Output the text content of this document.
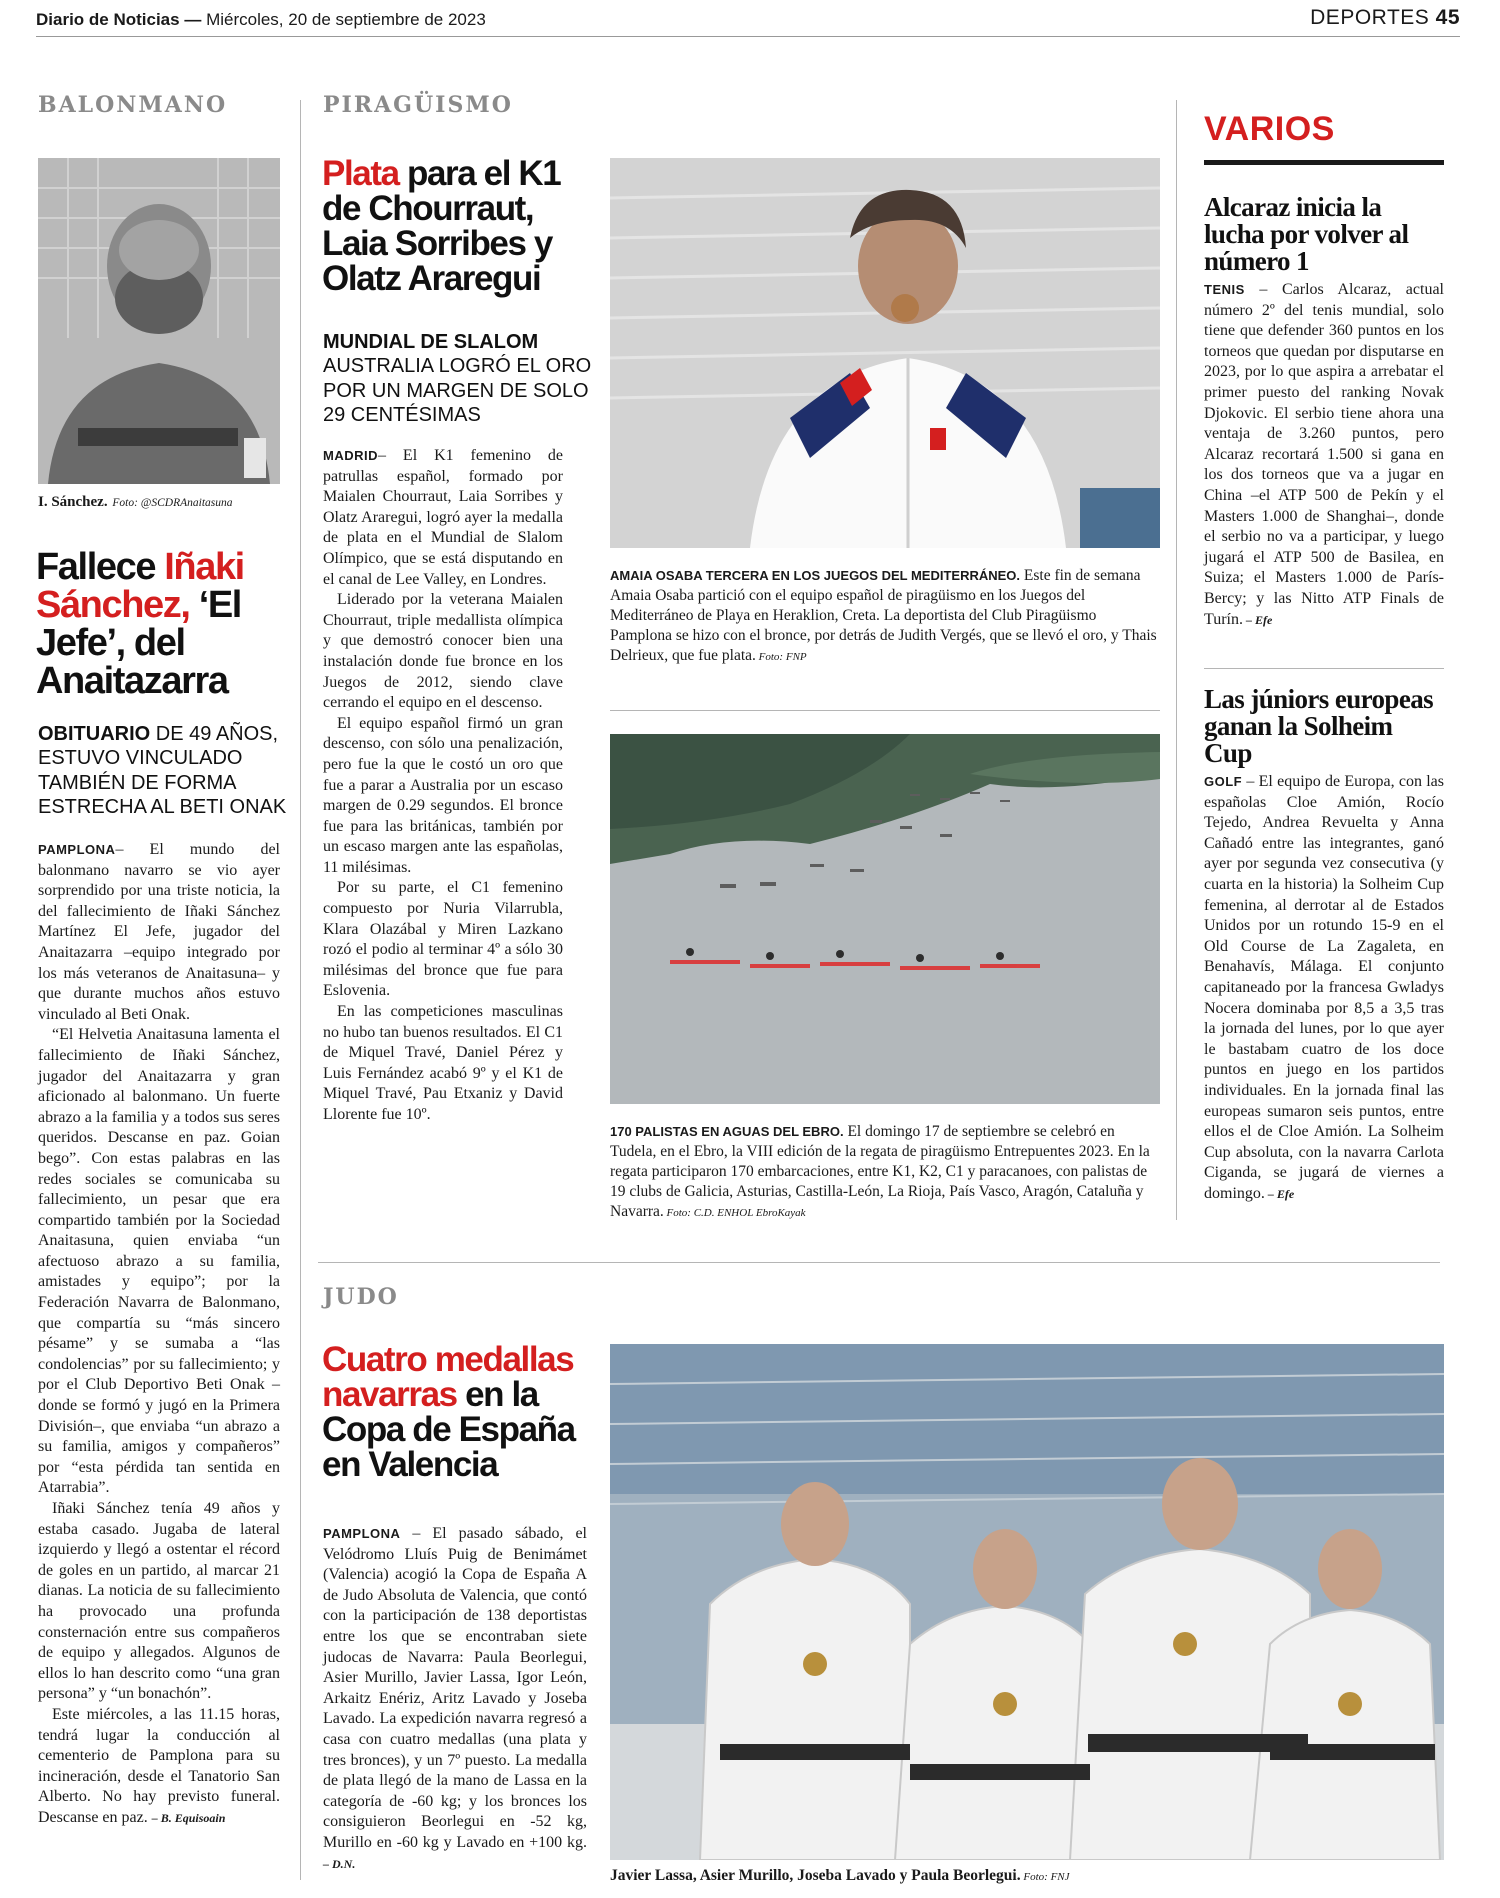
Diario de Noticias — Miércoles, 20 de septiembre de 2023	DEPORTES 45
BALONMANO
I. Sánchez. Foto: @SCDRAnaitasuna
Fallece Iñaki Sánchez, ‘El Jefe’, del Anaitazarra
OBITUARIO DE 49 AÑOS, ESTUVO VINCULADO TAMBIÉN DE FORMA ESTRECHA AL BETI ONAK

PAMPLONA– El mundo del balonmano navarro se vio ayer sorprendido por una triste noticia, la del fallecimiento de Iñaki Sánchez Martínez El Jefe, jugador del Anaitazarra –equipo integrado por los más veteranos de Anaitasuna– y que durante muchos años estuvo vinculado al Beti Onak.

“El Helvetia Anaitasuna lamenta el fallecimiento de Iñaki Sánchez, jugador del Anaitazarra y gran aficionado al balonmano. Un fuerte abrazo a la familia y a todos sus seres queridos. Descanse en paz. Goian bego”. Con estas palabras en las redes sociales se comunicaba su fallecimiento, un pesar que era compartido también por la Sociedad Anaitasuna, quien enviaba “un afectuoso abrazo a su familia, amistades y equipo”; por la Federación Navarra de Balonmano, que compartía su “más sincero pésame” y se sumaba a “las condolencias” por su fallecimiento; y por el Club Deportivo Beti Onak –donde se formó y jugó en la Primera División–, que enviaba “un abrazo a su familia, amigos y compañeros” por “esta pérdida tan sentida en Atarrabia”.

Iñaki Sánchez tenía 49 años y estaba casado. Jugaba de lateral izquierdo y llegó a ostentar el récord de goles en un partido, al marcar 21 dianas. La noticia de su fallecimiento ha provocado una profunda consternación entre sus compañeros de equipo y allegados. Algunos de ellos lo han descrito como “una gran persona” y “un bonachón”.

Este miércoles, a las 11.15 horas, tendrá lugar la conducción al cementerio de Pamplona para su incineración, desde el Tanatorio San Alberto. No hay previsto funeral. Descanse en paz. – B. Equisoain

PIRAGÜISMO
Plata para el K1 de Chourraut, Laia Sorribes y Olatz Araregui
MUNDIAL DE SLALOM
AUSTRALIA LOGRÓ EL ORO POR UN MARGEN DE SOLO 29 CENTÉSIMAS

MADRID– El K1 femenino de patrullas español, formado por Maialen Chourraut, Laia Sorribes y Olatz Araregui, logró ayer la medalla de plata en el Mundial de Slalom Olímpico, que se está disputando en el canal de Lee Valley, en Londres.

Liderado por la veterana Maialen Chourraut, triple medallista olímpica y que demostró conocer bien una instalación donde fue bronce en los Juegos de 2012, siendo clave cerrando el equipo en el descenso.

El equipo español firmó un gran descenso, con sólo una penalización, pero fue la que le costó un oro que fue a parar a Australia por un escaso margen de 0.29 segundos. El bronce fue para las británicas, también por un escaso margen ante las españolas, 11 milésimas.

Por su parte, el C1 femenino compuesto por Nuria Vilarrubla, Klara Olazábal y Miren Lazkano rozó el podio al terminar 4º a sólo 30 milésimas del bronce que fue para Eslovenia.

En las competiciones masculinas no hubo tan buenos resultados. El C1 de Miquel Travé, Daniel Pérez y Luis Fernández acabó 9º y el K1 de Miquel Travé, Pau Etxaniz y David Llorente fue 10º.

AMAIA OSABA TERCERA EN LOS JUEGOS DEL MEDITERRÁNEO. Este fin de semana Amaia Osaba partició con el equipo español de piragüismo en los Juegos del Mediterráneo de Playa en Heraklion, Creta. La deportista del Club Piragüismo Pamplona se hizo con el bronce, por detrás de Judith Vergés, que se llevó el oro, y Thais Delrieux, que fue plata. Foto: FNP
170 PALISTAS EN AGUAS DEL EBRO. El domingo 17 de septiembre se celebró en Tudela, en el Ebro, la VIII edición de la regata de piragüismo Entrepuentes 2023. En la regata participaron 170 embarcaciones, entre K1, K2, C1 y paracanoes, con palistas de 19 clubs de Galicia, Asturias, Castilla-León, La Rioja, País Vasco, Aragón, Cataluña y Navarra. Foto: C.D. ENHOL EbroKayak
VARIOS
Alcaraz inicia la lucha por volver al número 1

TENIS – Carlos Alcaraz, actual número 2º del tenis mundial, solo tiene que defender 360 puntos en los torneos que quedan por disputarse en 2023, por lo que aspira a arrebatar el primer puesto del ranking Novak Djokovic. El serbio tiene ahora una ventaja de 3.260 puntos, pero Alcaraz recortará 1.500 si gana en los dos torneos que va a jugar en China –el ATP 500 de Pekín y el Masters 1.000 de Shanghai–, donde el serbio no va a participar, y luego jugará el ATP 500 de Basilea, en Suiza; el Masters 1.000 de París-Bercy; y las Nitto ATP Finals de Turín. – Efe

Las júniors europeas ganan la Solheim Cup

GOLF – El equipo de Europa, con las españolas Cloe Amión, Rocío Tejedo, Andrea Revuelta y Anna Cañadó entre las integrantes, ganó ayer por segunda vez consecutiva (y cuarta en la historia) la Solheim Cup femenina, al derrotar al de Estados Unidos por un rotundo 15-9 en el Old Course de La Zagaleta, en Benahavís, Málaga. El conjunto capitaneado por la francesa Gwladys Nocera dominaba por 8,5 a 3,5 tras la jornada del lunes, por lo que ayer le bastabam cuatro de los doce puntos en juego en los partidos individuales. En la jornada final las europeas sumaron seis puntos, entre ellos el de Cloe Amión. La Solheim Cup absoluta, con la navarra Carlota Ciganda, se jugará de viernes a domingo. – Efe

JUDO
Cuatro medallas navarras en la Copa de España en Valencia

PAMPLONA – El pasado sábado, el Velódromo Lluís Puig de Benimámet (Valencia) acogió la Copa de España A de Judo Absoluta de Valencia, que contó con la participación de 138 deportistas entre los que se encontraban siete judocas de Navarra: Paula Beorlegui, Asier Murillo, Javier Lassa, Igor León, Arkaitz Enériz, Aritz Lavado y Joseba Lavado. La expedición navarra regresó a casa con cuatro medallas (una plata y tres bronces), y un 7º puesto. La medalla de plata llegó de la mano de Lassa en la categoría de -60 kg; y los bronces los consiguieron Beorlegui en -52 kg, Murillo en -60 kg y Lavado en +100 kg. – D.N.

Javier Lassa, Asier Murillo, Joseba Lavado y Paula Beorlegui. Foto: FNJ
